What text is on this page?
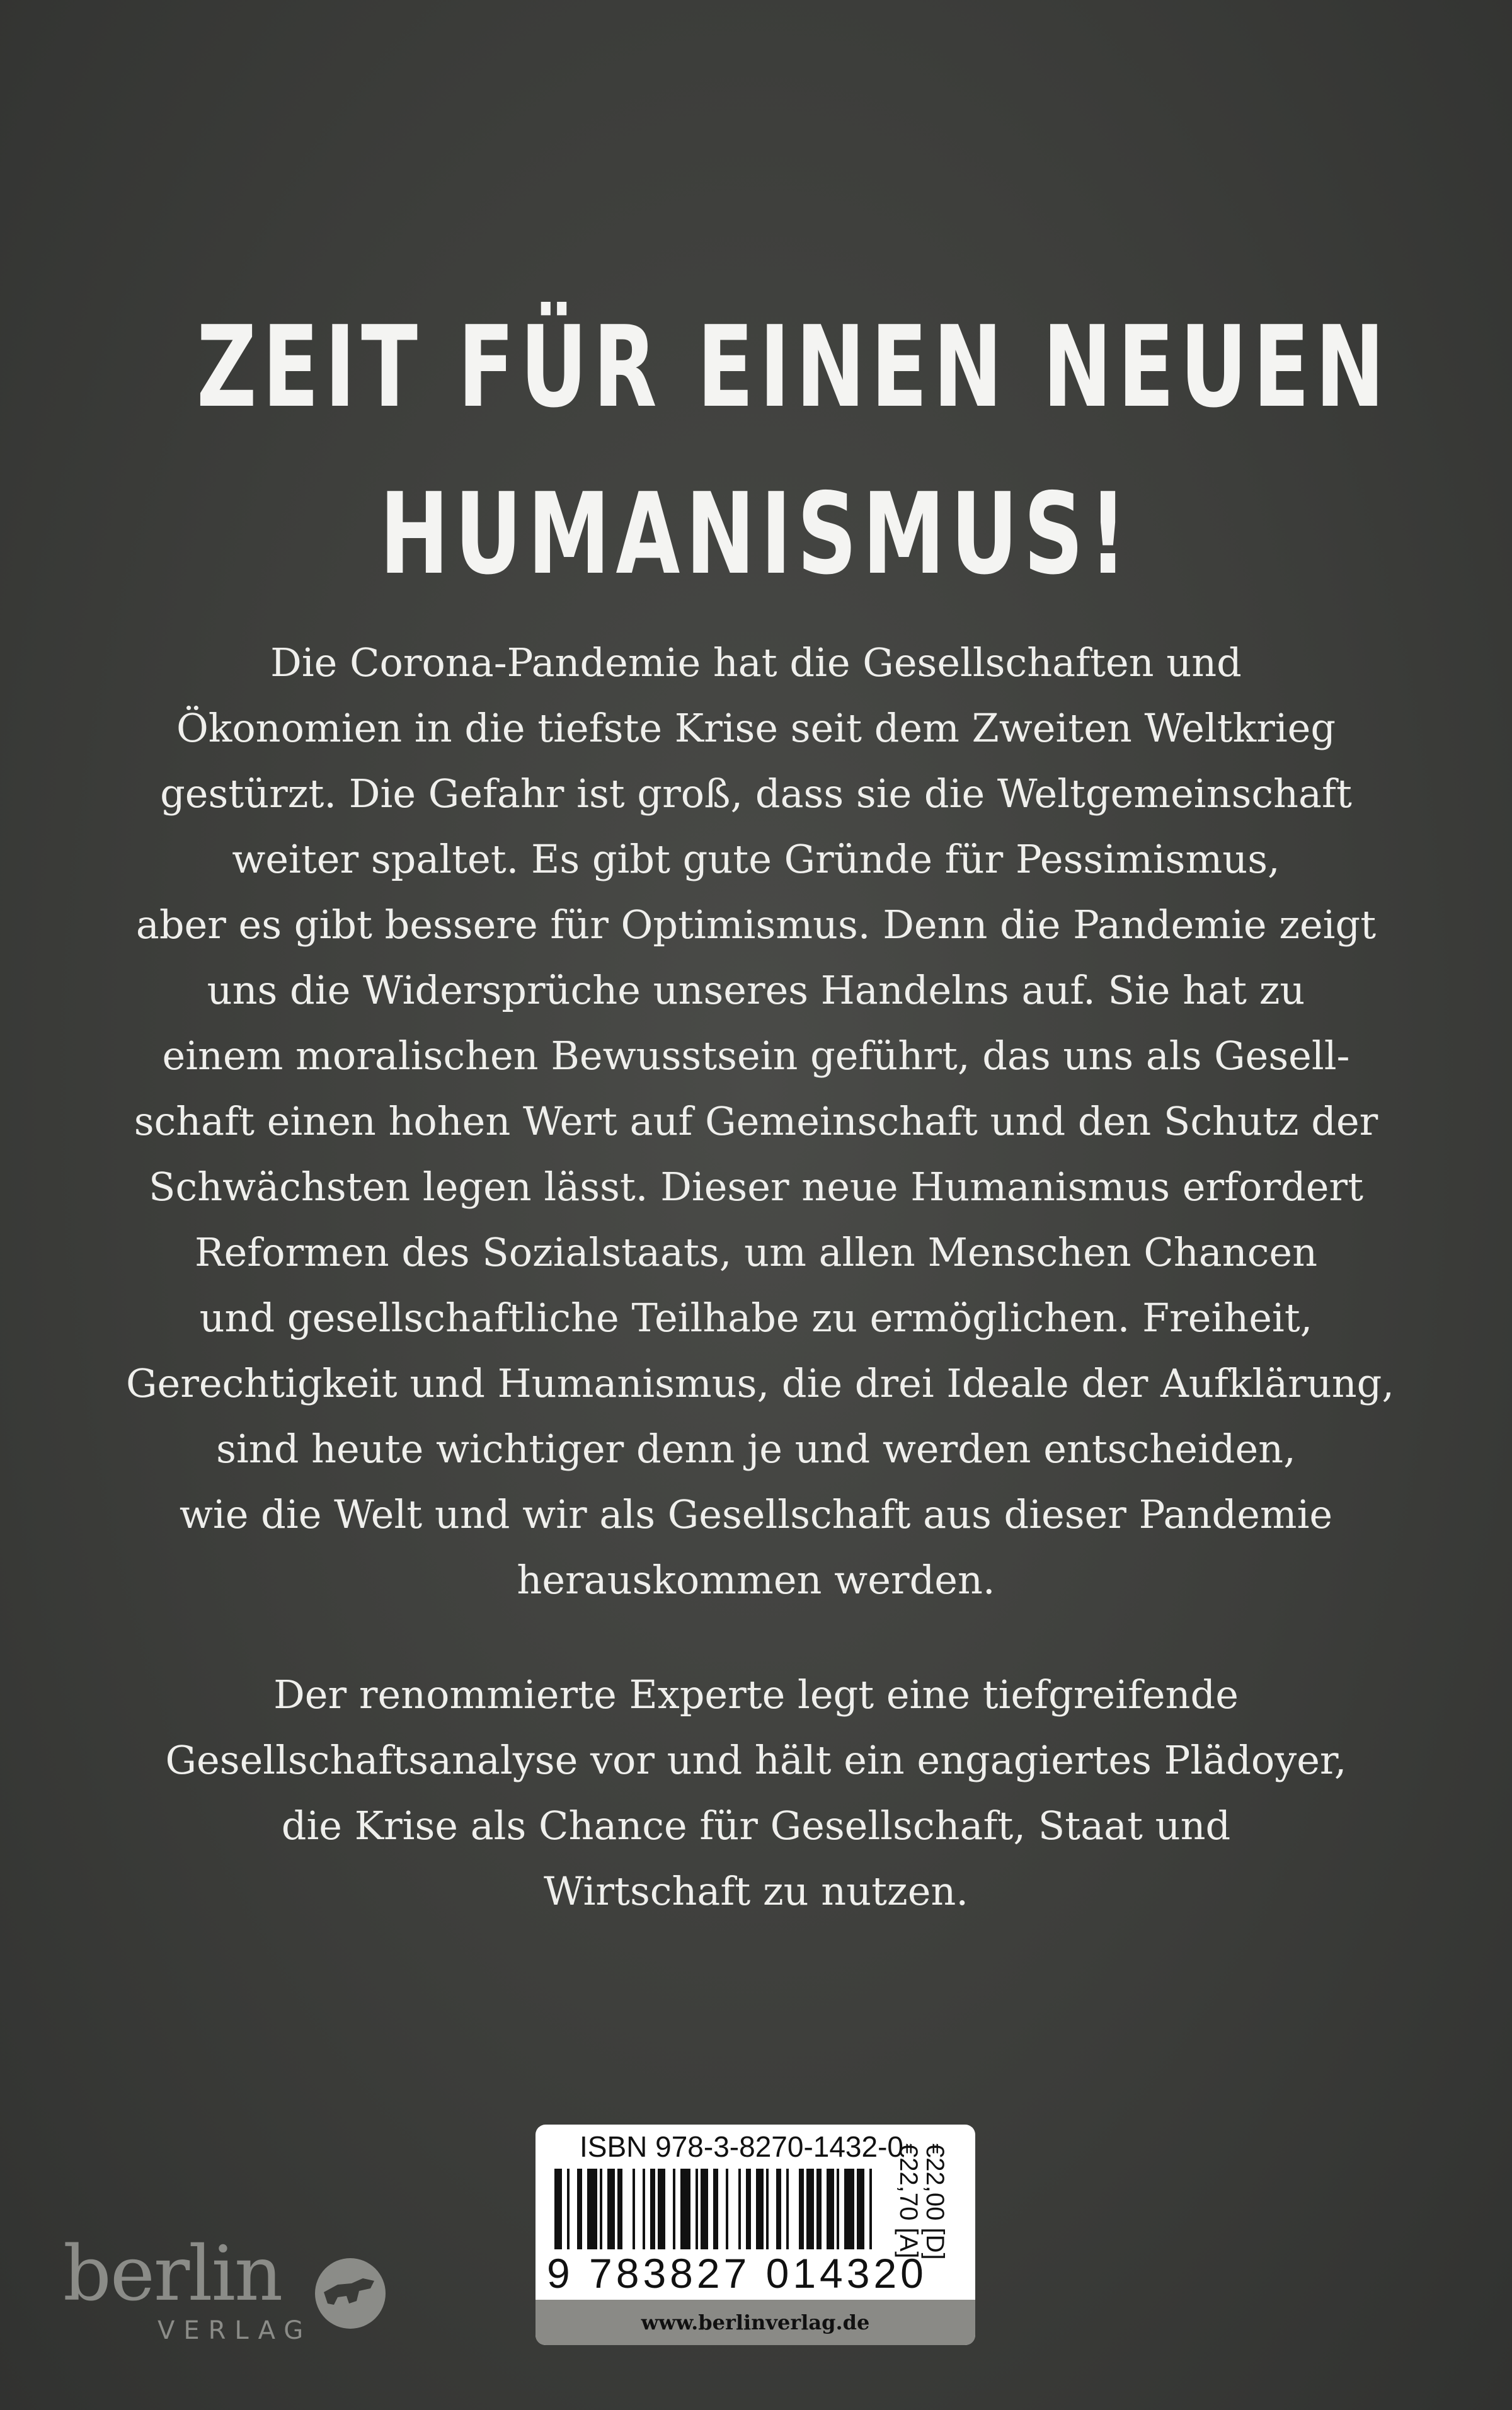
ZEIT FÜR EINEN NEUEN
HUMANISMUS!
Die Corona-Pandemie hat die Gesellschaften und
Ökonomien in die tiefste Krise seit dem Zweiten Weltkrieg
gestürzt. Die Gefahr ist groß, dass sie die Weltgemeinschaft
weiter spaltet. Es gibt gute Gründe für Pessimismus,
aber es gibt bessere für Optimismus. Denn die Pandemie zeigt
uns die Widersprüche unseres Handelns auf. Sie hat zu
einem moralischen Bewusstsein geführt, das uns als Gesell-
schaft einen hohen Wert auf Gemeinschaft und den Schutz der
Schwächsten legen lässt. Dieser neue Humanismus erfordert
Reformen des Sozialstaats, um allen Menschen Chancen
und gesellschaftliche Teilhabe zu ermöglichen. Freiheit,
Gerechtigkeit und Humanismus, die drei Ideale der Aufklärung,
sind heute wichtiger denn je und werden entscheiden,
wie die Welt und wir als Gesellschaft aus dieser Pandemie
herauskommen werden.
Der renommierte Experte legt eine tiefgreifende
Gesellschaftsanalyse vor und hält ein engagiertes Plädoyer,
die Krise als Chance für Gesellschaft, Staat und
Wirtschaft zu nutzen.
ISBN 978-3-8270-1432-0
9 783827 014320
€22,00 [D]
€22,70 [A]
www.berlinverlag.de
berlin
VERLAG
